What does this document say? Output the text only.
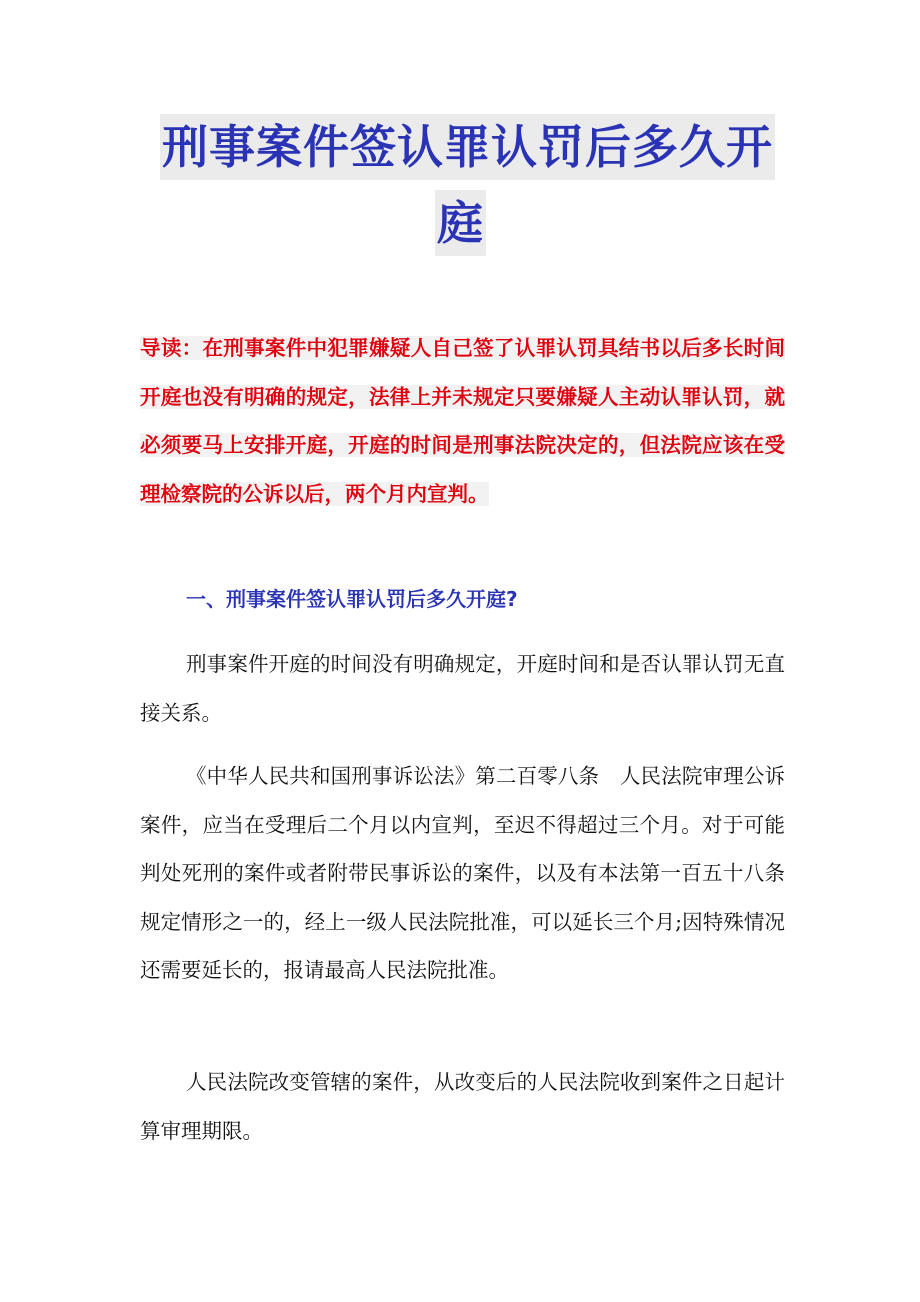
刑事案件签认罪认罚后多久开
庭
导读：在刑事案件中犯罪嫌疑人自己签了认罪认罚具结书以后多长时间开庭也没有明确的规定，法律上并未规定只要嫌疑人主动认罪认罚，就必须要马上安排开庭，开庭的时间是刑事法院决定的，但法院应该在受理检察院的公诉以后，两个月内宣判。
一、刑事案件签认罪认罚后多久开庭?
刑事案件开庭的时间没有明确规定，开庭时间和是否认罪认罚无直接关系。
《中华人民共和国刑事诉讼法》第二百零八条　人民法院审理公诉案件，应当在受理后二个月以内宣判，至迟不得超过三个月。对于可能判处死刑的案件或者附带民事诉讼的案件，以及有本法第一百五十八条规定情形之一的，经上一级人民法院批准，可以延长三个月;因特殊情况还需要延长的，报请最高人民法院批准。
人民法院改变管辖的案件，从改变后的人民法院收到案件之日起计算审理期限。
